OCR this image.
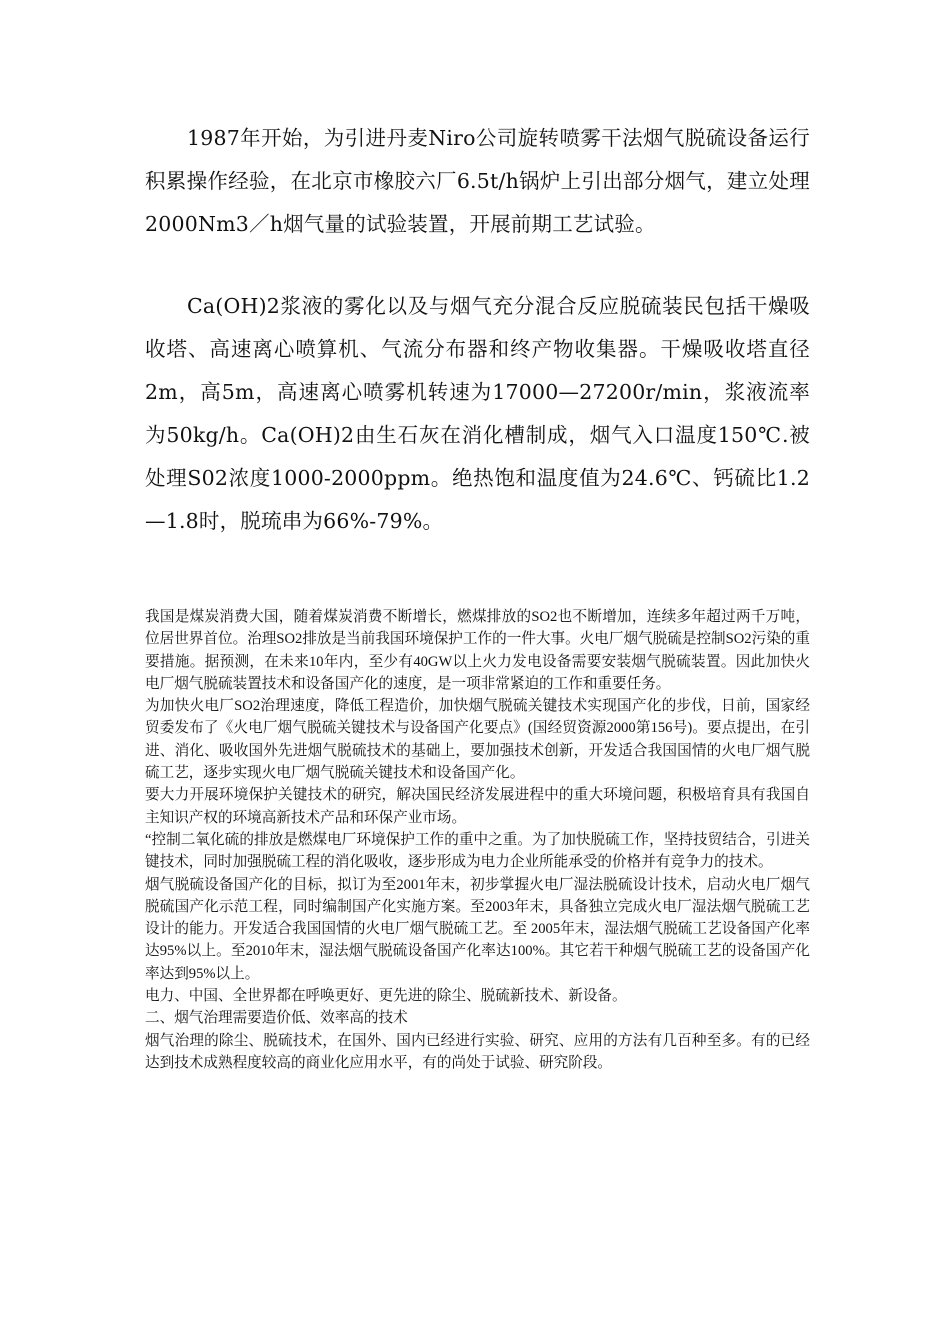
1987年开始，为引进丹麦Niro公司旋转喷雾干法烟气脱硫设备运行积累操作经验，在北京市橡胶六厂6.5t/h锅炉上引出部分烟气，建立处理2000Nm3／h烟气量的试验装置，开展前期工艺试验。

Ca(OH)2浆液的雾化以及与烟气充分混合反应脱硫装民包括干燥吸收塔、高速离心喷算机、气流分布器和终产物收集器。干燥吸收塔直径2m，高5m，高速离心喷雾机转速为17000—27200r/min，浆液流率为50kg/h。Ca(OH)2由生石灰在消化槽制成，烟气入口温度150℃.被处理S02浓度1000-2000ppm。绝热饱和温度值为24.6℃、钙硫比1.2—1.8时，脱琉串为66%-79%。

我国是煤炭消费大国，随着煤炭消费不断增长，燃煤排放的SO2也不断增加，连续多年超过两千万吨，位居世界首位。治理SO2排放是当前我国环境保护工作的一件大事。火电厂烟气脱硫是控制SO2污染的重要措施。据预测，在未来10年内，至少有40GW以上火力发电设备需要安装烟气脱硫装置。因此加快火电厂烟气脱硫装置技术和设备国产化的速度，是一项非常紧迫的工作和重要任务。

为加快火电厂SO2治理速度，降低工程造价，加快烟气脱硫关键技术实现国产化的步伐，日前，国家经贸委发布了《火电厂烟气脱硫关键技术与设备国产化要点》(国经贸资源2000第156号)。要点提出，在引进、消化、吸收国外先进烟气脱硫技术的基础上，要加强技术创新，开发适合我国国情的火电厂烟气脱硫工艺，逐步实现火电厂烟气脱硫关键技术和设备国产化。

要大力开展环境保护关键技术的研究，解决国民经济发展进程中的重大环境问题，积极培育具有我国自主知识产权的环境高新技术产品和环保产业市场。

“控制二氧化硫的排放是燃煤电厂环境保护工作的重中之重。为了加快脱硫工作，坚持技贸结合，引进关键技术，同时加强脱硫工程的消化吸收，逐步形成为电力企业所能承受的价格并有竞争力的技术。

烟气脱硫设备国产化的目标，拟订为至2001年末，初步掌握火电厂湿法脱硫设计技术，启动火电厂烟气脱硫国产化示范工程，同时编制国产化实施方案。至2003年末，具备独立完成火电厂湿法烟气脱硫工艺设计的能力。开发适合我国国情的火电厂烟气脱硫工艺。至 2005年末，湿法烟气脱硫工艺设备国产化率达95%以上。至2010年末，湿法烟气脱硫设备国产化率达100%。其它若干种烟气脱硫工艺的设备国产化率达到95%以上。

电力、中国、全世界都在呼唤更好、更先进的除尘、脱硫新技术、新设备。

二、烟气治理需要造价低、效率高的技术

烟气治理的除尘、脱硫技术，在国外、国内已经进行实验、研究、应用的方法有几百种至多。有的已经达到技术成熟程度较高的商业化应用水平，有的尚处于试验、研究阶段。
